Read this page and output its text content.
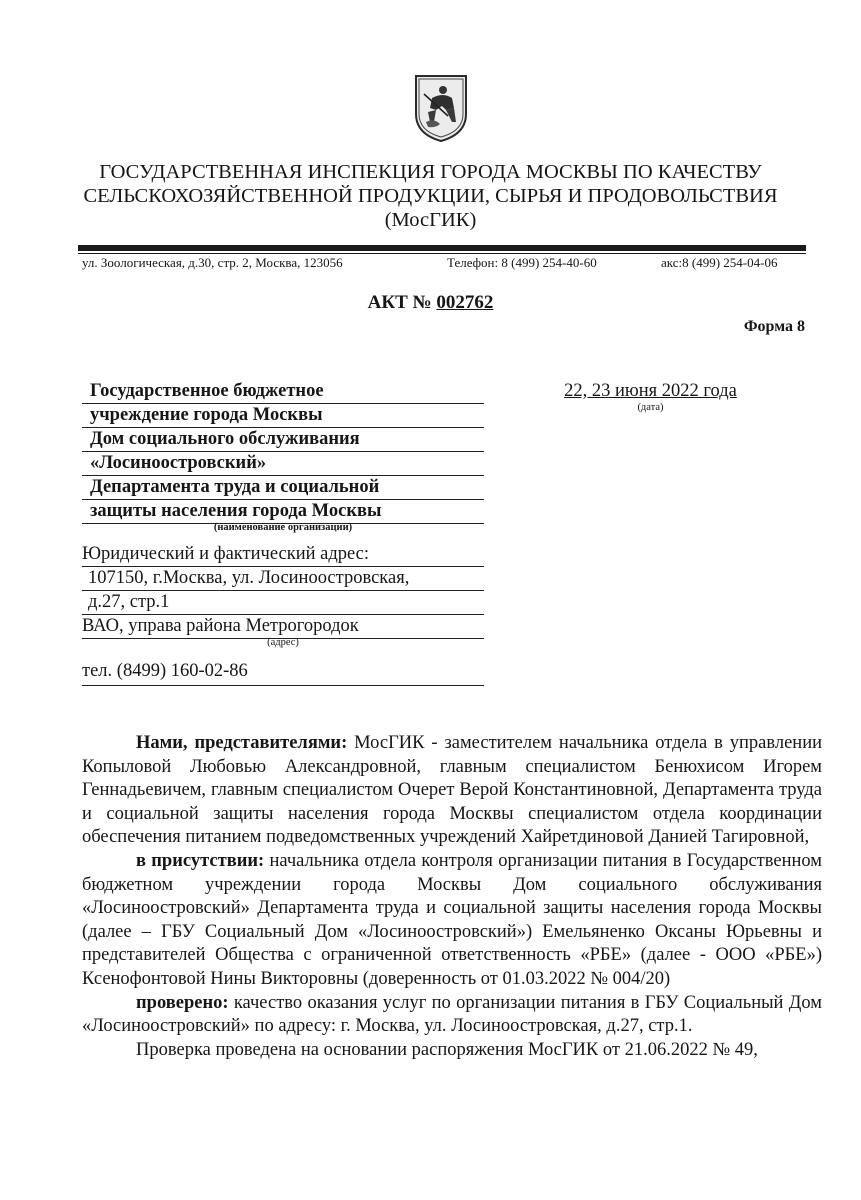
ГОСУДАРСТВЕННАЯ ИНСПЕКЦИЯ ГОРОДА МОСКВЫ ПО КАЧЕСТВУ
СЕЛЬСКОХОЗЯЙСТВЕННОЙ ПРОДУКЦИИ, СЫРЬЯ И ПРОДОВОЛЬСТВИЯ
(МосГИК)
ул. Зоологическая, д.30, стр. 2, Москва, 123056	Телефон: 8 (499) 254-40-60	акс:8 (499) 254-04-06
АКТ № 002762
Форма 8
Государственное бюджетное
учреждение города Москвы
Дом социального обслуживания
«Лосиноостровский»
Департамента труда и социальной
защиты населения города Москвы
(наименование организации)
Юридический и фактический адрес:
107150, г.Москва, ул. Лосиноостровская,
д.27, стр.1
ВАО, управа района Метрогородок
(адрес)
тел. (8499) 160-02-86
22, 23 июня 2022 года
(дата)

Нами, представителями: МосГИК - заместителем начальника отдела в управлении Копыловой Любовью Александровной, главным специалистом Бенюхисом Игорем Геннадьевичем, главным специалистом Очерет Верой Константиновной, Департамента труда и социальной защиты населения города Москвы специалистом отдела координации обеспечения питанием подведомственных учреждений Хайретдиновой Данией Тагировной,

в присутствии: начальника отдела контроля организации питания в Государственном бюджетном учреждении города Москвы Дом социального обслуживания «Лосиноостровский» Департамента труда и социальной защиты населения города Москвы (далее – ГБУ Социальный Дом «Лосиноостровский») Емельяненко Оксаны Юрьевны и представителей Общества с ограниченной ответственность «РБЕ» (далее - ООО «РБЕ») Ксенофонтовой Нины Викторовны (доверенность от 01.03.2022 № 004/20)

проверено: качество оказания услуг по организации питания в ГБУ Социальный Дом «Лосиноостровский» по адресу: г. Москва, ул. Лосиноостровская, д.27, стр.1.

Проверка проведена на основании распоряжения МосГИК от 21.06.2022 № 49,
